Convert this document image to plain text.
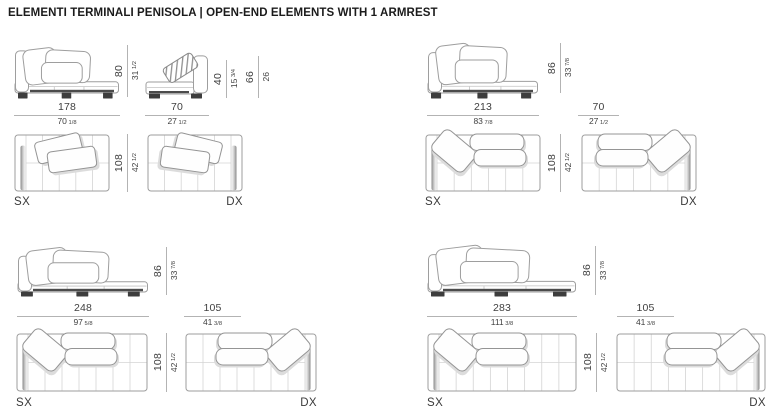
ELEMENTI TERMINALI PENISOLA | OPEN-END ELEMENTS WITH 1 ARMREST
80 31 1/2
178
70 1/8
70
27 1/2
40 15 3/4 66 26
108 42 1/2
SX	DX
86 33 7/8
213
83 7/8
70
27 1/2
108 42 1/2
SX	DX
86 33 7/8
248
97 5/8
105
41 3/8
108 42 1/2
SX	DX
86 33 7/8
283
111 3/8
105
41 3/8
108 42 1/2
SX	DX
